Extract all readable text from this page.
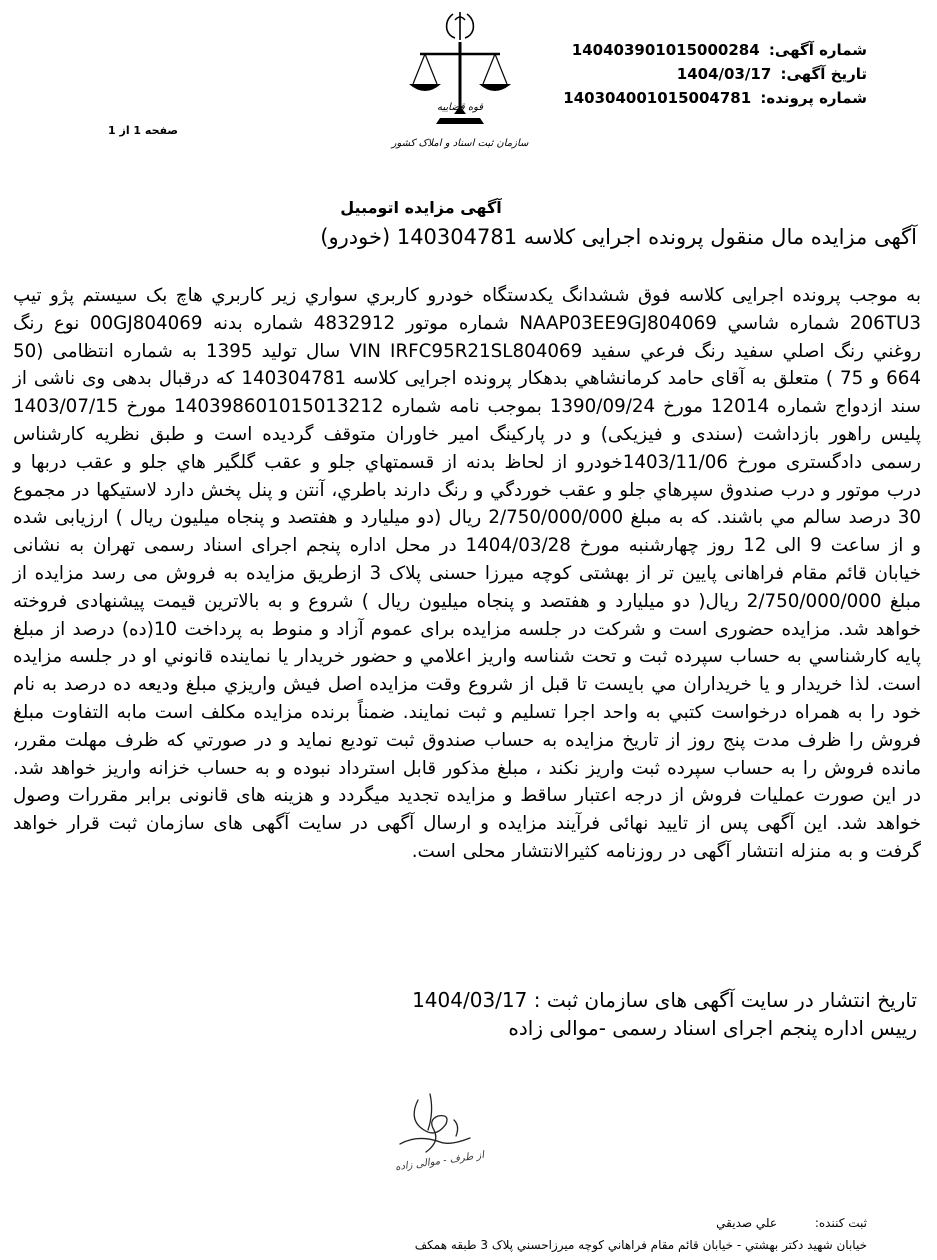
شماره آگهی: 140403901015000284
تاریخ آگهی: 1404/03/17
شماره پرونده: 140304001015004781
قوه قضاییه
سازمان ثبت اسناد و املاک کشور
صفحه 1 از 1
آگهی مزایده اتومبیل
آگهی مزایده مال منقول پرونده اجرایی کلاسه 140304781 (خودرو)

به موجب پرونده اجرایی کلاسه فوق ششدانگ یکدستگاه خودرو کاربري سواري زير کاربري هاچ بک سيستم پژو تيپ 206TU3 شماره شاسي NAAP03EE9GJ804069 شماره موتور 4832912 شماره بدنه 00GJ804069 نوع رنگ روغني رنگ اصلي سفيد رنگ فرعي سفيد VIN IRFC95R21SL804069 سال توليد 1395 به شماره انتظامی (50 664 و 75 ) متعلق به آقای حامد کرمانشاهي بدهکار پرونده اجرایی کلاسه 140304781 که درقبال بدهی وی ناشی از سند ازدواج شماره 12014 مورخ 1390/09/24 بموجب نامه شماره 140398601015013212 مورخ 1403/07/15 پلیس راهور بازداشت (سندی و فیزیکی) و در پارکینگ امیر خاوران متوقف گردیده است و طبق نظریه کارشناس رسمی دادگستری مورخ 1403/11/06خودرو از لحاظ بدنه از قسمتهاي جلو و عقب گلگير هاي جلو و عقب دربها و درب موتور و درب صندوق سپرهاي جلو و عقب خوردگي و رنگ دارند باطري، آنتن و پنل پخش دارد لاستيکها در مجموع 30 درصد سالم مي باشند. که به مبلغ 2/750/000/000 ريال (دو ميليارد و هفتصد و پنجاه ميليون ريال ) ارزیابی شده و از ساعت 9 الی 12 روز چهارشنبه مورخ 1404/03/28 در محل اداره پنجم اجرای اسناد رسمی تهران به نشانی خیابان قائم مقام فراهانی پایین تر از بهشتی کوچه میرزا حسنی پلاک 3 ازطریق مزایده به فروش می رسد مزایده از مبلغ 2/750/000/000 ریال( دو میلیارد و هفتصد و پنجاه میلیون ریال ) شروع و به بالاترین قیمت پیشنهادی فروخته خواهد شد. مزایده حضوری است و شرکت در جلسه مزایده برای عموم آزاد و منوط به پرداخت 10(ده) درصد از مبلغ پايه کارشناسي به حساب سپرده ثبت و تحت شناسه واريز اعلامي و حضور خريدار يا نماينده قانوني او در جلسه مزايده است. لذا خريدار و يا خريداران مي بايست تا قبل از شروع وقت مزايده اصل فيش واريزي مبلغ وديعه ده درصد به نام خود را به همراه درخواست کتبي به واحد اجرا تسليم و ثبت نمايند. ضمناً برنده مزايده مکلف است مابه التفاوت مبلغ فروش را ظرف مدت پنج روز از تاريخ مزايده به حساب صندوق ثبت توديع نمايد و در صورتي که ظرف مهلت مقرر، مانده فروش را به حساب سپرده ثبت واريز نکند ، مبلغ مذکور قابل استرداد نبوده و به حساب خزانه واریز خواهد شد. در این صورت عملیات فروش از درجه اعتبار ساقط و مزایده تجدید میگردد و هزینه های قانونی برابر مقررات وصول خواهد شد. این آگهی پس از تایید نهائی فرآیند مزایده و ارسال آگهی در سایت آگهی های سازمان ثبت قرار خواهد گرفت و به منزله انتشار آگهی در روزنامه کثیرالانتشار محلی است.

تاریخ انتشار در سایت آگهی های سازمان ثبت : 1404/03/17
رییس اداره پنجم اجرای اسناد رسمی -موالی زاده
از طرف - موالی زاده
ثبت کننده: علي صديقي
خیابان شهید دکتر بهشتي - خيابان قائم مقام فراهاني کوچه ميرزاحسني پلاک 3 طبقه همکف
